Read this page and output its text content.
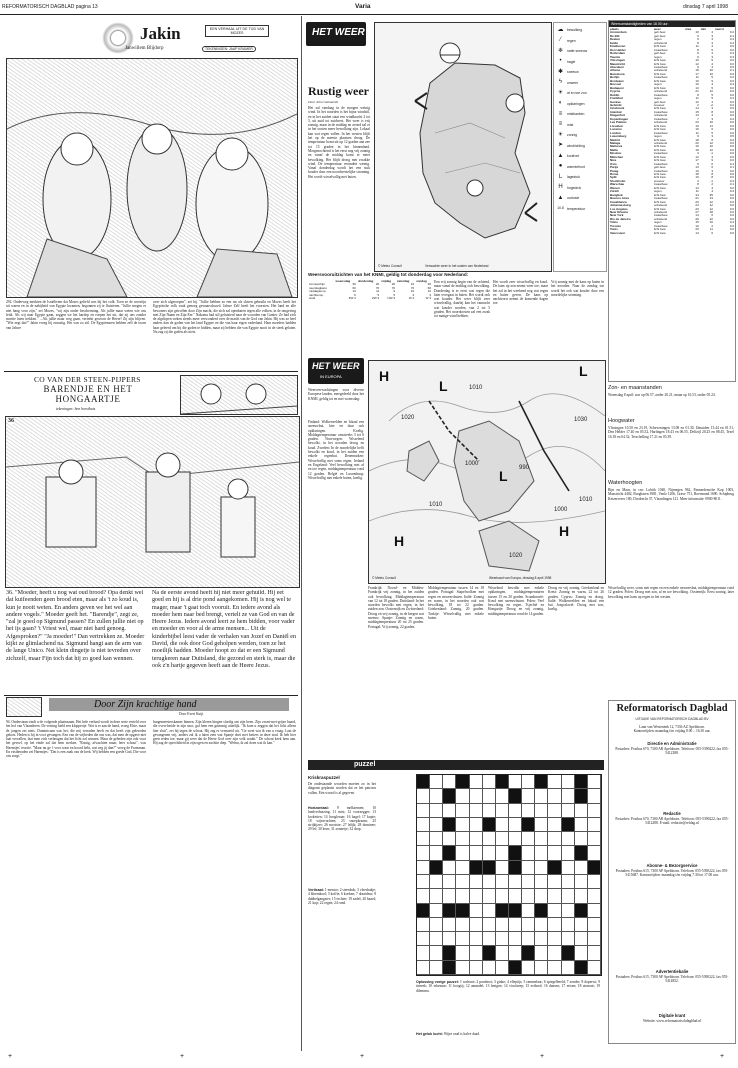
REFORMATORISCH DAGBLAD pagina 13	Varia	dinsdag 7 april 1998
Jakin	EEN VERHAAL UIT DE TIJD VAN MOZES
Janwillem Blijdorp	TEKENINGEN: JAAP KRAMER
292. Onderweg merkten de Israëlieten dat Mozes geliefd was bij het volk. Toen ze de woestijn uit waren en in de nabijheid van Egypte kwamen, begonnen zij te fluisteren. "Jullie mogen er niet bang voor zijn," zei Mozes, "wij zijn onder bescherming. Als jullie maar weten wie ons leidt. Als wij naar Egypte gaan, zeggen we het hardop en roepen het uit, dat zij ons zonder moeite laten trekken." ...Als jullie maar weg gaan, vertrekt gewoon de Heere! Zij zijn blijven. "Wie zegt dat?" Jakin vroeg hij onrustig. Het was zo stil. De Egyptenaren hebben zelf de toorn van Jahwe
over zich afgeroepen", zei hij. "Jullie hebben zo een ras als slaven gebruikt en Mozes heeft het Egyptische volk vaak genoeg gewaarschuwd. Jahwe Zelf heeft het voorzien. Het land en alle bewoners zijn getroffen door Zijn macht, die zich zal openbaren tegen alle volken, in de omgeving met Zijn Naam en Zijn Eer." Nakoma had stil geluisterd naar de woorden van Gonier. Ze had zich de afgelopen weken steeds meer verwonderd over de macht van de God van Jakin. Hij was zo heel anders dan de goden van het land Egypte en die van haar eigen vaderland. Haar moeders hadden haar geleerd om bij die goden te bidden, maar zij hebben die van Egypte nooit in de steek gelaten. Nu zag zij die goden als niets.
CO VAN DER STEEN-PIJPERS
BARENDJE EN HET HONGAARTJE
tekeningen: ben horsthuis
36
36. "Moeder, heeft u nog wat oud brood? Opa denkt wel dat kuifeenden geen brood eten, maar als 't zo koud is, kun je nooit weten. En anders geven we het wel aan andere vogels." Moeder geeft het. "Barendje", zegt ze, "zal je goed op Sigmund passen? En zullen jullie niet op het ijs gaan? 't Vriest wel, maar niet hard genoeg. Afgesproken?" "Ja moeder!" Dan vertrekken ze. Moeder kijkt ze glimlachend na. Sigmund hangt aan de arm van de lange Unico. Net klein dingetje is niet tevreden over zichzelf, maar Fijn toch dat hij zo goed kan wennen.
Na de eerste avond heeft hij niet meer gehuild. Hij eet goed en hij is al drie pond aangekomen. Hij is nog wel te mager, maar 't gaat toch vooruit. En iedere avond als moeder hem naar bed brengt, vertelt ze van God en van de Heere Jezus. Iedere avond leert ze hem bidden, voor vader en moeder en voor al de arme mensen... Uit de kinderbijbel leest vader de verhalen van Jozef en Daniël en David, die ook door God geholpen werden, toen ze het moeilijk hadden. Moeder hoopt zo dat er een Sigmund terugkeren naar Duitsland, die gezond en sterk is, maar die ook z'n hartje gegeven heeft aan de Heere Jezus.
Door Zijn krachtige hand
Door Evert Kuijt
94. Onderstaan vindt u de volgende plaatsnaam. Het hele verhaal wordt in deze serie verteld over het hof van Vlaanderen. De vesting hield een kloppertje. Wat is er aan de hand, vroeg Elsie, maar de jongen zei niets. Dominicaan was het, die mij verraden heeft en dat heeft zijn geleerden gekost. Heden is hij in voor gevangen. Een van de vrijheden die ons was, dat men de opgave niet laat vervallen, laat men zich verheugen dat het licht zal winnen. Maar de gebeden zijn ook voor het gevoel, op het einde zal dat hem sterken. "Rustig, afwachten maar, heer schout", was Haemtjes' reactie. "Maar nu ge 't voor waar en hoord hebt, wat zeg jij dan?" vroeg de Fransman. En vastberaden zei Haemtjes: "Dat is een zaak van de kerk. Wij hebben een goede God, Die voor ons zorgt."
burgemeesterskamer binnen. Zijn kleren hingen slordig om zijn heen. Zijn zwart-met-grijze baard, die overvloeide in zijn snor, gaf hem een grimmig uiterlijk. "Ik kom u zeggen dat het licht alleen hier sluit", zei hij tegen de schout. Hij zag er vermoeid uit. "Ge weet wat ik van u vraag. Laat de gevangenen vrij, anders zal ik u laten zien wat Spanje doet met ketters in deze stad. Ik heb hier geen reden toe, maar gij weet dat de Heere God over zijn volk waakt." De schout keek hem aan. Hij zag de oprechtheid in zijn ogen en zuchtte diep. "Welnu, ik zal doen wat ik kan."
HET WEER
Rustig weer
Door John Geimaerdt
Het zal vandaag in de morgen weinig wind. In het noorden is het bijna windstil, en in het zuiden staat een windkracht 2 tot 3, uit zuid tot zuidwest. Het weer is vrij zonnig, maar in de middag en avond zal er in het oosten meer bewolking zijn. Lokaal kan wat regen vallen. In het westen blijft het op de meeste plaatsen droog. De temperatuur komt uit op 12 graden aan zee tot 15 graden in het binnenland. Morgenochtend is het eerst nog vrij zonnig en vanaf de middag komt er meer bewolking. Het blijft droog met zwakke wind. De temperatuur verandert weinig. Vanaf donderdag wordt het een stuk kouder door een noordwestelijke stroming. Het wordt wisselvallig met buien.
© Meteo Consult	Verwachte weer in het oosten van Nederland
☁	bewolking
⁄	regen
❄	natte sneeuw
•	hagel
✱	sneeuw
ϟ	onweer
☀	af en toe zon
◐	opklaringen
≡	mistbanken
≡	mist
☀	zonnig
➤	windrichting
▲	koufront
●	warmtefront
L	lagedruk
H	hogedruk
▲	occlusie
10.8 temperatuur
Weersvooruitzichten van het KNMI, geldig tot donderdag voor Nederland:
	woensdag	donderdag	vrijdag	zaterdag	zondag
zonneschijn	30	20	20	10	30
neerslagkans	60	70	70	70	60
middagtemp.	13	11	9	10	10
nachttemp.	6	5	5	3	3
wind	ZW 4	ZW 3	NW 3	W 4	W 4
Een vrij zonnig begin van de ochtend, maar vanaf de middag ook bewolking. Donderdag is er eerst wat regen die later overgaat in buien. Het wordt ook wat kouder. Het weer blijft zeer wisselvallig, daarbij kan het vannacht wat kouder worden, van 2 tot 5 graden. Het noordoosten zal een zwak tot matige wind hebben.
Het wordt zeer wisselvallig en koud. De kans op zon neemt weer toe, maar het zal in het weekend nog wat regen en buien geven. De kans op nachtvorst neemt de komende dagen toe.
Vrij zonnig met de kans op buien in het noorden. Naar de zondag toe wordt het ook wat kouder door een noordelijke stroming.
Weersomstandigheden van 18.00 uur:
plaats	weer	max	min	neersl
Amsterdam	geh.bew.	10	4	0.2
De Bilt	geh.bew.	9	3	0.1
Deelen	regen	9	3	0.4
Eelde	onbekend	8	3	0.4
Eindhoven	licht bew.	11	4	0.0
Den Helder	zwaarbew.	8	5	0.0
Rotterdam	geh.bew.	9	4	0.3
Twente	regen	9	3	0.3
Vlissingen	licht bew.	10	5	0.0
Maastricht	licht bew.	12	4	0.0
Aberdeen	zwaarbew.	9	4	0.5
Athene	onbekend	18	10	0.1
Barcelona	licht bew.	17	10	0.0
Berlijn	zwaarbew.	11	5	0.2
Bordeaux	licht bew.	16	9	0.0
Brussel	regen	10	4	0.4
Budapest	licht bew.	13	5	0.0
Cyprus	onbekend	21	12	0.0
Dublin	zwaarbew.	8	5	0.0
Frankfurt	regen	11	5	0.3
Genève	geh.bew.	12	4	0.0
Helsinki	sneeuw	2	-2	0.2
Innsbruck	licht bew.	14	3	0.0
Istanbul	zwaarbew.	15	8	0.0
Klagenfurt	onbekend	13	4	0.0
Kopenhagen	zwaarbew.	7	3	0.2
Las Palmas	onbekend	23	16	0.0
Lissabon	licht bew.	19	11	0.0
Locarno	licht bew.	16	6	0.0
Londen	zwaarbew.	11	5	0.0
Luxemburg	regen	9	3	0.5
Madrid	licht bew.	18	6	0.0
Malaga	onbekend	22	12	0.0
Mallorca	licht bew.	19	10	0.0
Malta	licht bew.	18	12	0.0
Moskou	zwaarbew.	3	-1	0.0
München	licht bew.	12	3	0.0
Nice	licht bew.	17	9	0.0
Oslo	zwaarbew.	5	0	0.1
Parijs	geh.bew.	13	6	0.1
Praag	zwaarbew.	10	3	0.0
Rome	licht bew.	18	8	0.0
Split	licht bew.	16	8	0.0
Stockholm	sneeuw	3	-1	0.3
Warschau	zwaarbew.	8	2	0.1
Wenen	licht bew.	13	4	0.0
Zürich	regen	11	4	0.2
Bangkok	licht bew.	34	25	0.0
Buenos Aires	zwaarbew.	21	13	0.0
Casablanca	licht bew.	20	12	0.0
Johannesburg	onbekend	24	12	0.0
Los Angeles	licht bew.	20	12	0.0
New Orleans	onbekend	27	18	0.0
New York	zwaarbew.	14	6	0.0
Rio de Janeiro	onbekend	29	22	0.0
Tokio	regen	15	10	0.4
Toronto	zwaarbew.	10	2	0.0
Tunis	licht bew.	20	11	0.0
Vancouver	licht bew.	13	6	0.0
HET WEER
IN EUROPA
Weersverwachtingen voor diverse Europese landen, meegedeeld door het KNMI, geldig tot en met woensdag:
Finland: Wolkenvelden en lokaal een sneeuwbui, hier en daar ook opklaringen. Koelig. Middagtemperatuur omstreeks 3 tot 6 graden. Noorwegen: Wisselend bewolkt, in het noorden droog en koud. Zweden: In de noordelijke helft bewolkt en koud, in het zuiden een enkele regenbui. Denemarken: Wisselvallig met soms regen. Ierland en Engeland: Veel bewolking met af en toe regen, middagtemperatuur rond 12 graden. België en Luxemburg: Wisselvallig met enkele buien, koelig.
1020
1000
1010
1010
1010
990
1000
1020
1030
H
L
L
L
H
H
© Meteo Consult	Weerkaart van Europa, dinsdag 8 april 1998
Frankrijk: Noord- en Midden-Frankrijk vrij zonnig, in het zuiden ook bewolking. Middagtemperatuur van 12 tot 18 graden. Duitsland: In het noorden bewolkt met regen, in het zuiden zon. Oostenrijk en Zwitserland: Droog en vrij zonnig, in de bergen wat sneeuw. Spanje: Zonnig en warm, middagtemperatuur 20 tot 25 graden. Portugal: Vrij zonnig, 22 graden.
Middagtemperatuur tussen 14 en 18 graden. Portugal: Stapelwolken met regen en onweersbuien. Italië: Zonnig en warm, in het noorden ook wat bewolking, 18 tot 22 graden. Griekenland: Zonnig, 20 graden. Turkije: Wisselvallig met enkele buien.
Wisselend bewolkt met enkele opklaringen, middagtemperaturen tussen 15 en 20 graden. Scandinavië: Koud met sneeuwbuien. Polen: Veel bewolking en regen. Tsjechië en Hongarije: Droog en vrij zonnig, middagtemperatuur rond de 14 graden.
Droog en vrij zonnig. Griekenland en Kreta: Zonnig en warm, 22 tot 26 graden. Cyprus: Zonnig en droog. Italië: Wolkenvelden en lokaal een bui. Joegoslavië: Droog met zon, koelig.
Wisselvallig weer, soms met regen en een enkele onweersbui, middagtemperatuur rond 12 graden. Polen: Droog met zon, af en toe bewolking. Oostenrijk: Eerst zonnig, later bewolking met kans op regen in het westen.
Zon- en maanstanden
Woensdag 8 april: zon op 06.57, onder 20.21; maan op 16.53, onder 05.24.
Hoogwater
Vlissingen 10.50 en 23.19, Scheveningen 13.08 en 01.30, IJmuiden 13.44 en 01.51, Den Helder 17.40 en 05.52, Harlingen 18.43 en 06.55, Delfzijl 20.25 en 08.45, Texel 16.18 en 04.32, Terschelling 17.21 en 05.39.
Waterhoogten
Rijn en Maas, in cm: Lobith 1040, Nijmegen 962, Pannerdensche Kop 1003, Maastricht 4482, Borgharen 3981, Venlo 1206, Grave 751, Roermond 1690. Schipbrug Keizersveer 180, Dordrecht 37, Vlaardingen 121. Meer informatie: 0900-8011.
Reformatorisch Dagblad
UITGAVE VAN REFORMATORISCH DAGBLAD BV
Laan van Westenenk 12, 7336 AZ Apeldoorn.
Kantoortijden: maandag t/m vrijdag 8.00 – 16.30 uur.
Directie en Administratie
Postadres: Postbus 670, 7300 AR Apeldoorn. Telefoon: 055-5390222, fax 055-5412288.
Redactie
Postadres: Postbus 670, 7300 AR Apeldoorn. Telefoon: 055-5390222, fax 055-5412288. E-mail: redactie@refdag.nl
Abonne- & Bezorgservice
Postadres: Postbus 615, 7300 AP Apeldoorn. Telefoon: 055-5390222, fax 055-5415687. Kantoortijden: maandag t/m vrijdag 7.30 tot 17.00 uur.
Advertentiebalie
Postadres: Postbus 615, 7300 AP Apeldoorn. Telefoon: 055-5390222, fax 055-5414852.
Digitale krant
Website: www.reformatorischdagblad.nl
puzzel
Kriskraspuzzel
De ondestaande woorden moeten zo in het diagram geplaatst worden dat ze het patroon vullen. Eén woord is al gegeven.
Horizontaal: 9 melkzemen; 10 landverhuizing; 11 mist; 12 voorzegger; 13 kroketten; 14 hoogleraar; 16 hagel; 17 kopie; 18 wijnvruchten; 23 snoepkraam; 25 strijkijzer; 26 mooiste; 27 lelijk; 28 dominee; 29 lef; 30 kern; 31 zonnetje; 32 dorp.
Verticaal: 1 mentor; 2 steenbok; 3 vleesbakje; 4 bloemkool; 5 koffie; 6 koeken; 7 draaideur; 8 dubbelgangster; 15 rechter; 19 zadel; 20 baard; 21 kop; 22 regen; 24 rond.
Oplossing vorige puzzel: 1 walnoot; 2 paraboot; 3 ginko; 4 elleptijs; 5 rammelaar; 6 spiegelbeeld; 7 zonder; 8 doperwt; 9 intreek; 10 tekenaar; 11 hoogtij; 12 amandel; 13 lenigen; 14 vioolzeep; 15 eetbord; 16 dansen; 17 ertsen; 18 atomair; 19 dilemma.
Het geluk lucht: Wijze raad is halve daad.
+	+	+	+	+
